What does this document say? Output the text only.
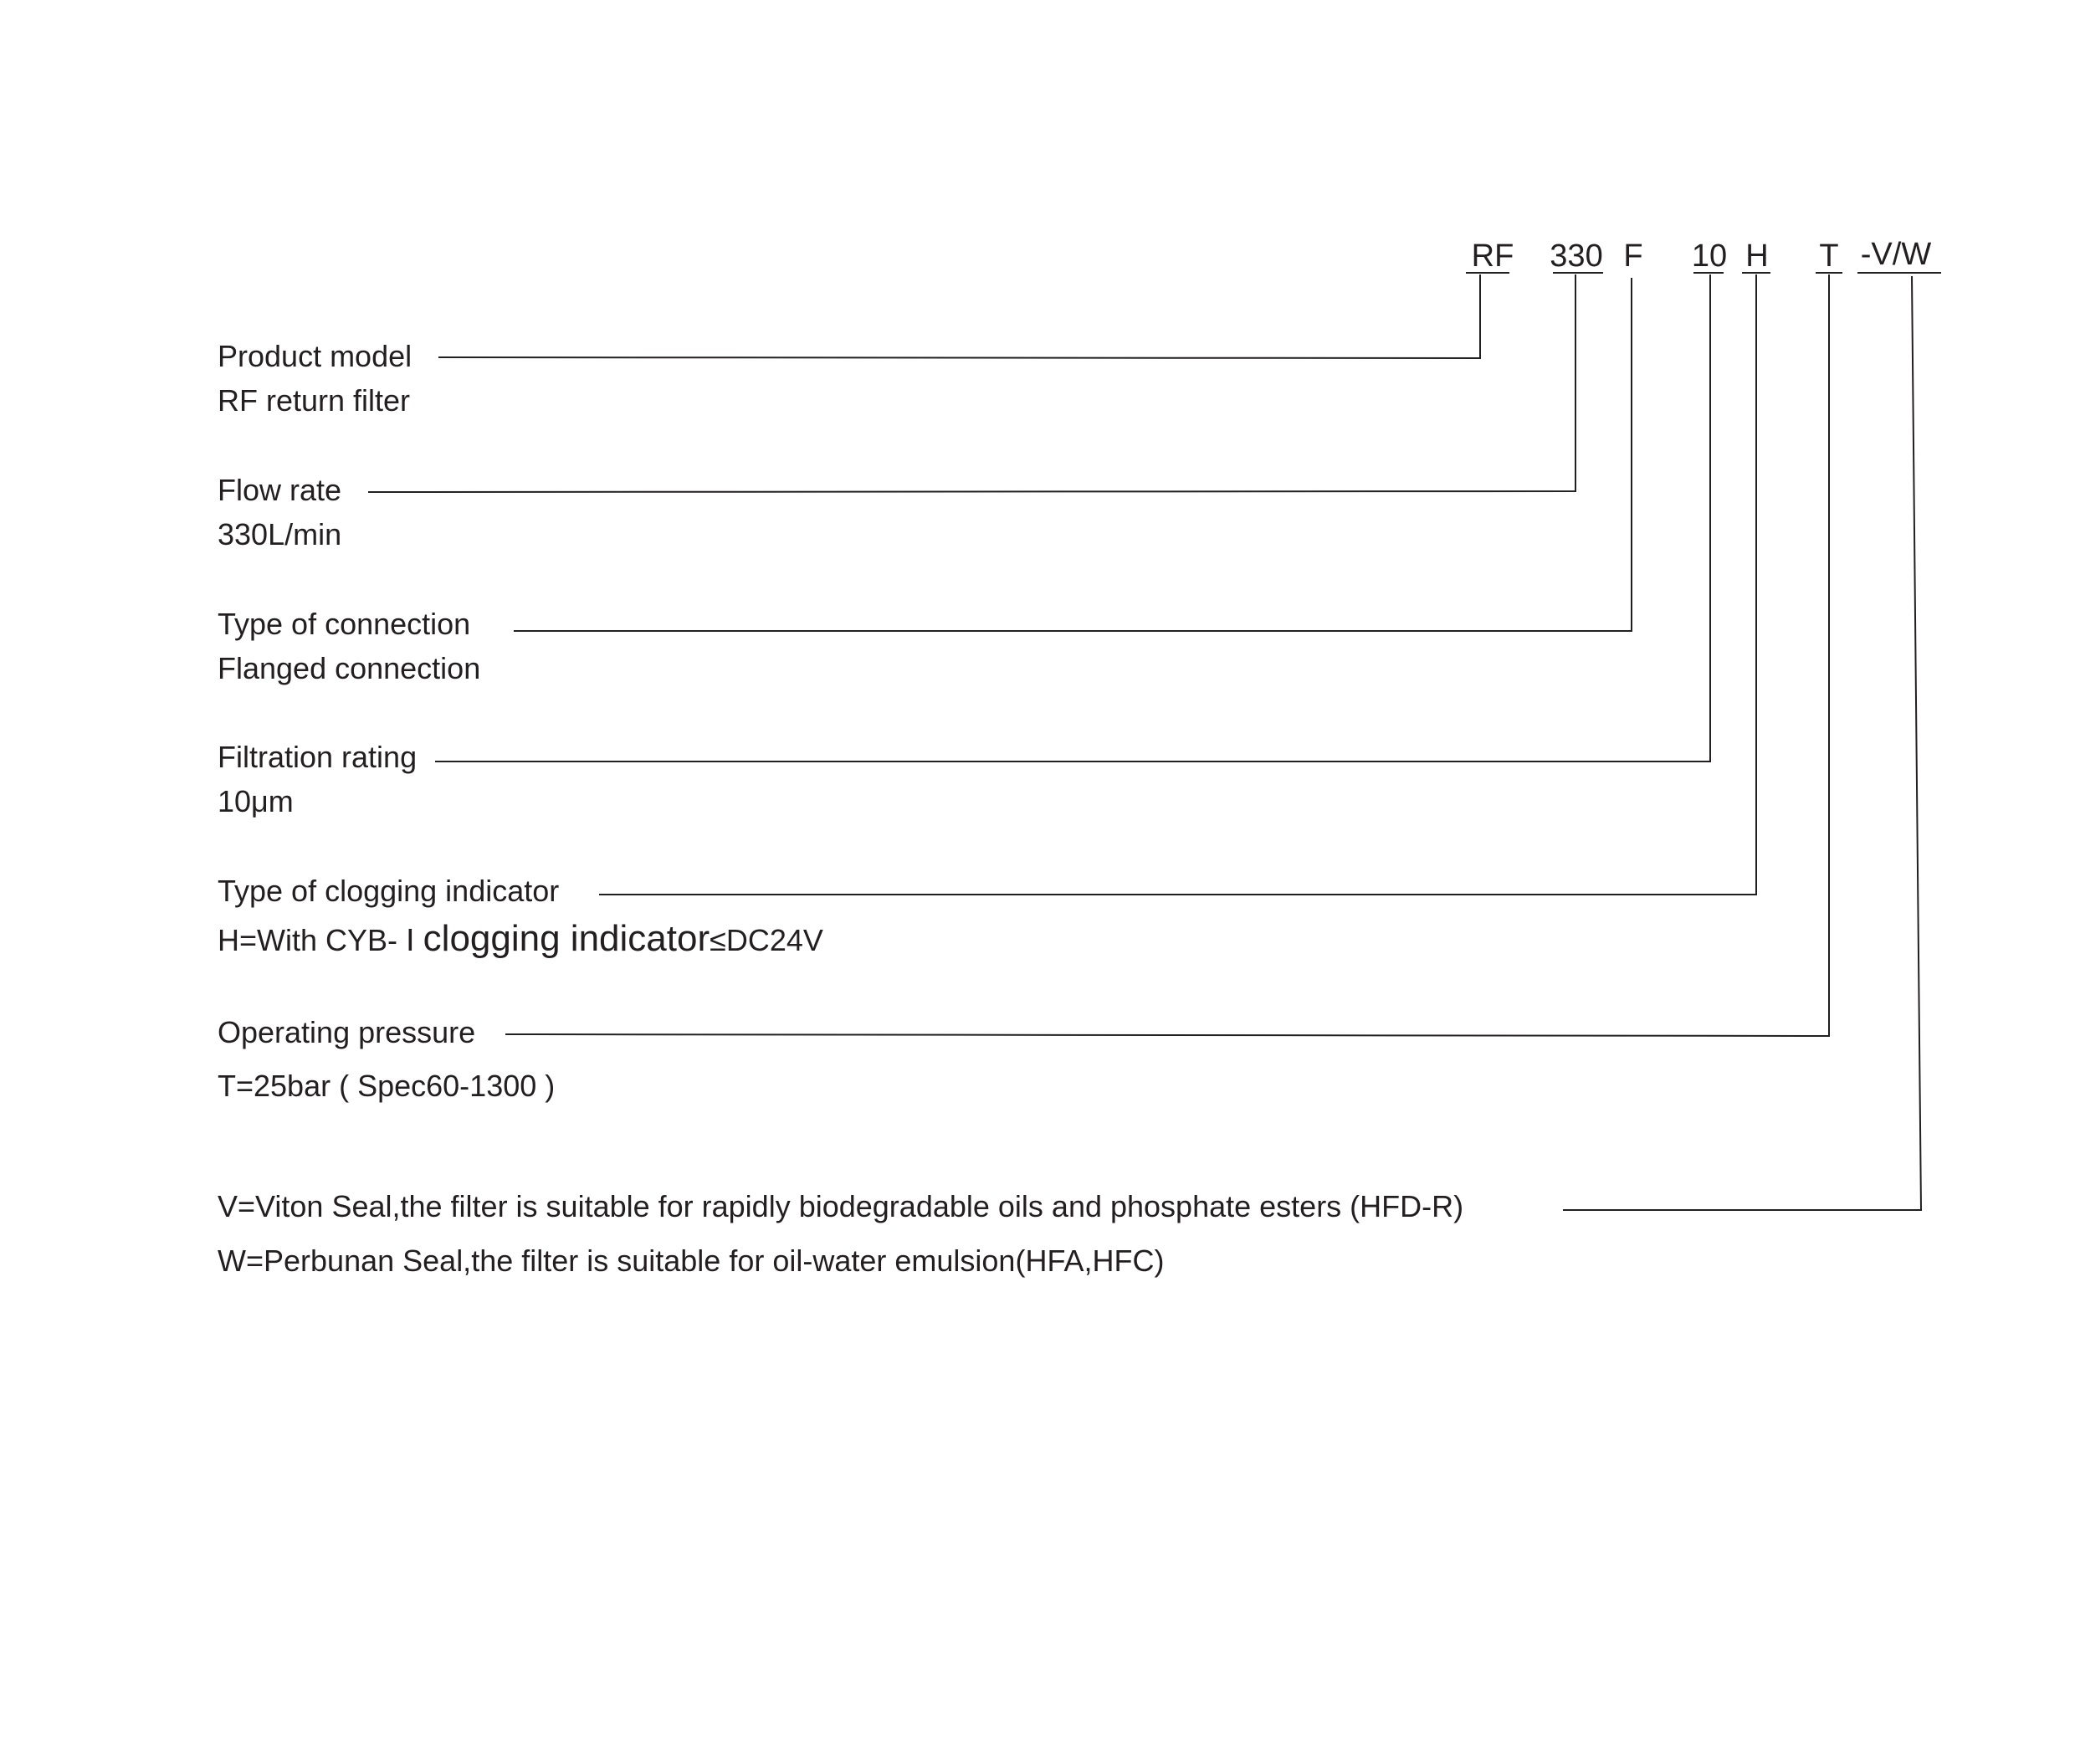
RF 330 F 10 H T -V/W
Product model
RF return filter
Flow rate
330L/min
Type of connection
Flanged connection
Filtration rating
10μm
Type of clogging indicator
H=With CYB- Ⅰ clogging indicator≤DC24V
Operating pressure
T=25bar ( Spec60-1300 )
V=Viton Seal,the filter is suitable for rapidly biodegradable oils and phosphate esters (HFD-R)
W=Perbunan Seal,the filter is suitable for oil-water emulsion(HFA,HFC)
